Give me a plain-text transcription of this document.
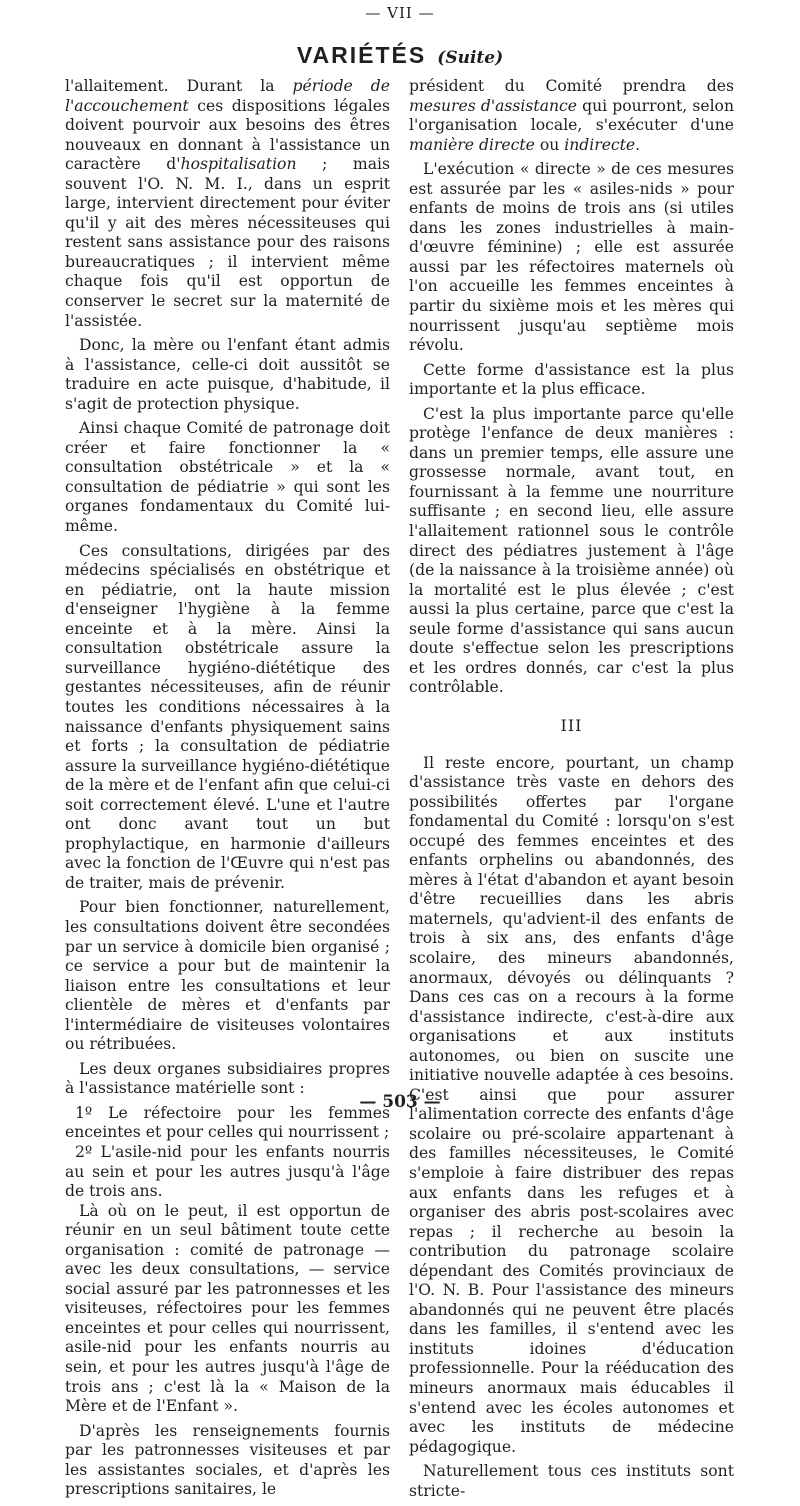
— VII —
VARIÉTÉS (Suite)

l'allaitement. Durant la période de l'accouchement ces dispositions légales doivent pourvoir aux besoins des êtres nouveaux en donnant à l'assistance un caractère d'hospitalisation ; mais souvent l'O. N. M. I., dans un esprit large, intervient directement pour éviter qu'il y ait des mères nécessiteuses qui restent sans assistance pour des raisons bureaucratiques ; il intervient même chaque fois qu'il est opportun de conserver le secret sur la maternité de l'assistée.

Donc, la mère ou l'enfant étant admis à l'assistance, celle-ci doit aussitôt se traduire en acte puisque, d'habitude, il s'agit de protection physique.

Ainsi chaque Comité de patronage doit créer et faire fonctionner la « consultation obstétricale » et la « consultation de pédiatrie » qui sont les organes fondamentaux du Comité lui-même.

Ces consultations, dirigées par des médecins spécialisés en obstétrique et en pédiatrie, ont la haute mission d'enseigner l'hygiène à la femme enceinte et à la mère. Ainsi la consultation obstétricale assure la surveillance hygiéno-diététique des gestantes nécessiteuses, afin de réunir toutes les conditions nécessaires à la naissance d'enfants physiquement sains et forts ; la consultation de pédiatrie assure la surveillance hygiéno-diététique de la mère et de l'enfant afin que celui-ci soit correctement élevé. L'une et l'autre ont donc avant tout un but prophylactique, en harmonie d'ailleurs avec la fonction de l'Œuvre qui n'est pas de traiter, mais de prévenir.

Pour bien fonctionner, naturellement, les consultations doivent être secondées par un service à domicile bien organisé ; ce service a pour but de maintenir la liaison entre les consultations et leur clientèle de mères et d'enfants par l'intermédiaire de visiteuses volontaires ou rétribuées.

Les deux organes subsidiaires propres à l'assistance matérielle sont :

1º Le réfectoire pour les femmes enceintes et pour celles qui nourrissent ;

2º L'asile-nid pour les enfants nourris au sein et pour les autres jusqu'à l'âge de trois ans.

Là où on le peut, il est opportun de réunir en un seul bâtiment toute cette organisation : comité de patronage — avec les deux consultations, — service social assuré par les patronnesses et les visiteuses, réfectoires pour les femmes enceintes et pour celles qui nourrissent, asile-nid pour les enfants nourris au sein, et pour les autres jusqu'à l'âge de trois ans ; c'est là la « Maison de la Mère et de l'Enfant ».

D'après les renseignements fournis par les patronnesses visiteuses et par les assistantes sociales, et d'après les prescriptions sanitaires, le

président du Comité prendra des mesures d'assistance qui pourront, selon l'organisation locale, s'exécuter d'une manière directe ou indirecte.

L'exécution « directe » de ces mesures est assurée par les « asiles-nids » pour enfants de moins de trois ans (si utiles dans les zones industrielles à main-d'œuvre féminine) ; elle est assurée aussi par les réfectoires maternels où l'on accueille les femmes enceintes à partir du sixième mois et les mères qui nourrissent jusqu'au septième mois révolu.

Cette forme d'assistance est la plus importante et la plus efficace.

C'est la plus importante parce qu'elle protège l'enfance de deux manières : dans un premier temps, elle assure une grossesse normale, avant tout, en fournissant à la femme une nourriture suffisante ; en second lieu, elle assure l'allaitement rationnel sous le contrôle direct des pédiatres justement à l'âge (de la naissance à la troisième année) où la mortalité est le plus élevée ; c'est aussi la plus certaine, parce que c'est la seule forme d'assistance qui sans aucun doute s'effectue selon les prescriptions et les ordres donnés, car c'est la plus contrôlable.

III

Il reste encore, pourtant, un champ d'assistance très vaste en dehors des possibilités offertes par l'organe fondamental du Comité : lorsqu'on s'est occupé des femmes enceintes et des enfants orphelins ou abandonnés, des mères à l'état d'abandon et ayant besoin d'être recueillies dans les abris maternels, qu'advient-il des enfants de trois à six ans, des enfants d'âge scolaire, des mineurs abandonnés, anormaux, dévoyés ou délinquants ? Dans ces cas on a recours à la forme d'assistance indirecte, c'est-à-dire aux organisations et aux instituts autonomes, ou bien on suscite une initiative nouvelle adaptée à ces besoins. C'est ainsi que pour assurer l'alimentation correcte des enfants d'âge scolaire ou pré-scolaire appartenant à des familles nécessiteuses, le Comité s'emploie à faire distribuer des repas aux enfants dans les refuges et à organiser des abris post-scolaires avec repas ; il recherche au besoin la contribution du patronage scolaire dépendant des Comités provinciaux de l'O. N. B. Pour l'assistance des mineurs abandonnés qui ne peuvent être placés dans les familles, il s'entend avec les instituts idoines d'éducation professionnelle. Pour la rééducation des mineurs anormaux mais éducables il s'entend avec les écoles autonomes et avec les instituts de médecine pédagogique.

Naturellement tous ces instituts sont stricte-

— 503 —
